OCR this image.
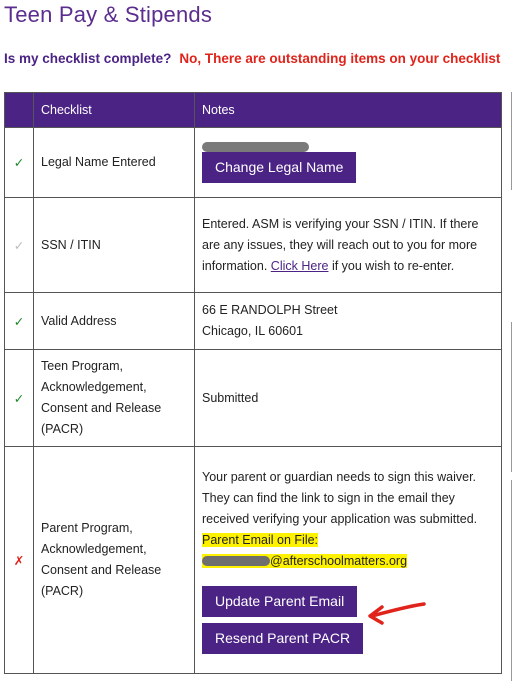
Teen Pay & Stipends
Is my checklist complete? No, There are outstanding items on your checklist
	Checklist	Notes
✓	Legal Name Entered	Change Legal Name

✓	SSN / ITIN	Entered. ASM is verifying your SSN / ITIN. If there are any issues, they will reach out to you for more information. Click Here if you wish to re-enter.
✓	Valid Address	66 E RANDOLPH Street
Chicago, IL 60601

✓	Teen Program, Acknowledgement, Consent and Release (PACR)	Submitted
✗	Parent Program, Acknowledgement, Consent and Release (PACR)	Your parent or guardian needs to sign this waiver. They can find the link to sign in the email they received verifying your application was submitted.
Parent Email on File:
@afterschoolmatters.org
Update Parent Email
Resend Parent PACR
